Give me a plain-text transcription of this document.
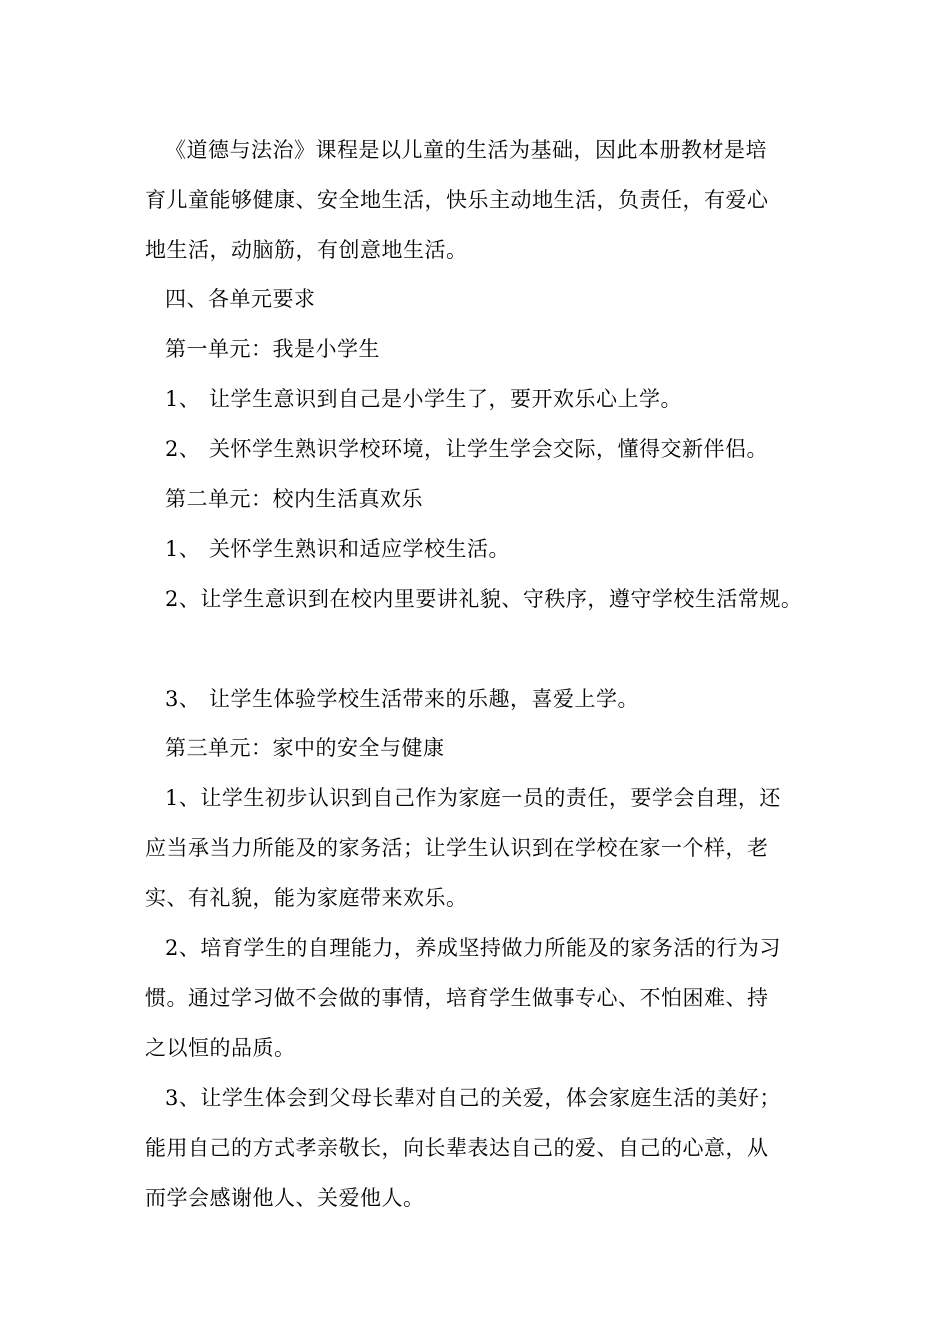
《道德与法治》课程是以儿童的生活为基础，因此本册教材是培
育儿童能够健康、安全地生活，快乐主动地生活，负责任，有爱心
地生活，动脑筋，有创意地生活。
四、各单元要求
第一单元：我是小学生
1、 让学生意识到自己是小学生了，要开欢乐心上学。
2、 关怀学生熟识学校环境，让学生学会交际，懂得交新伴侣。
第二单元：校内生活真欢乐
1、 关怀学生熟识和适应学校生活。
2、让学生意识到在校内里要讲礼貌、守秩序，遵守学校生活常规。
3、 让学生体验学校生活带来的乐趣，喜爱上学。
第三单元：家中的安全与健康
1、让学生初步认识到自己作为家庭一员的责任，要学会自理，还
应当承当力所能及的家务活；让学生认识到在学校在家一个样，老
实、有礼貌，能为家庭带来欢乐。
2、培育学生的自理能力，养成坚持做力所能及的家务活的行为习
惯。通过学习做不会做的事情，培育学生做事专心、不怕困难、持
之以恒的品质。
3、让学生体会到父母长辈对自己的关爱，体会家庭生活的美好；
能用自己的方式孝亲敬长，向长辈表达自己的爱、自己的心意，从
而学会感谢他人、关爱他人。
